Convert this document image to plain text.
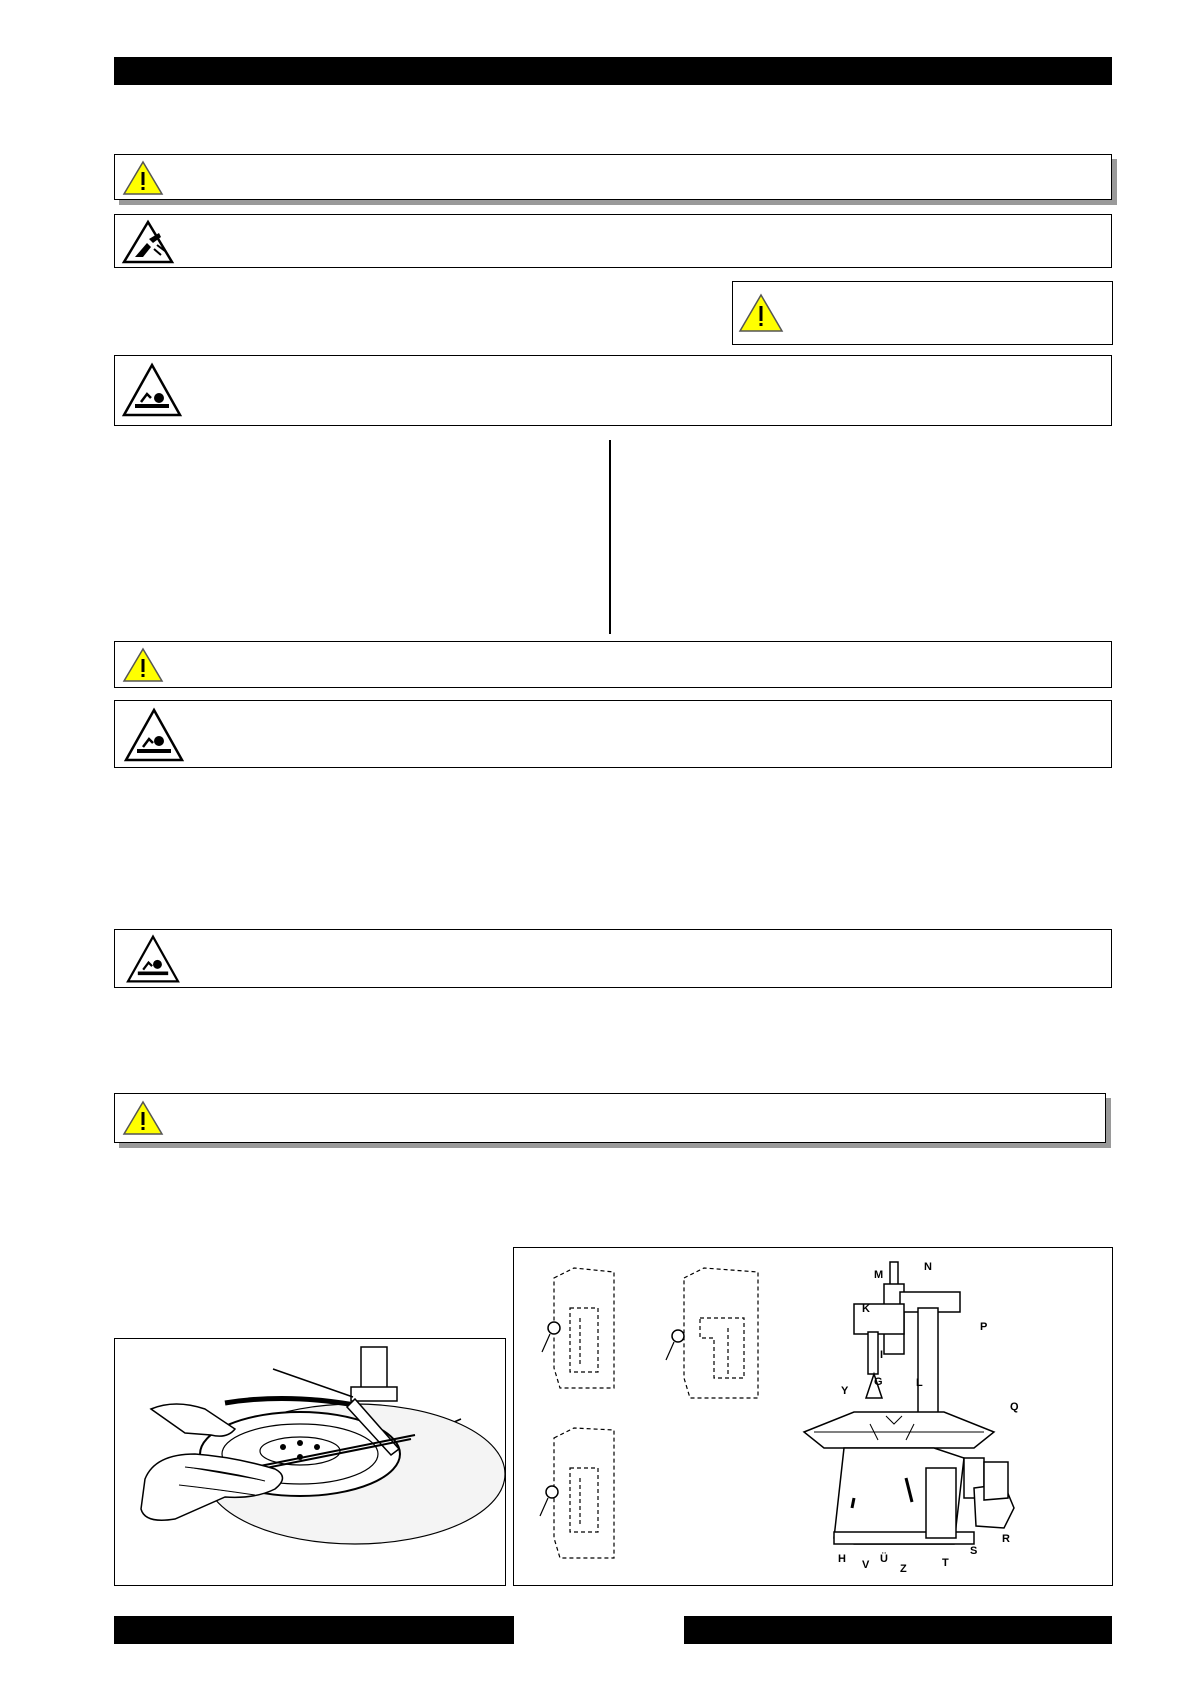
M
N
K
P
I
G	L
Y
Q
R
H V Ü
Z	T
S
